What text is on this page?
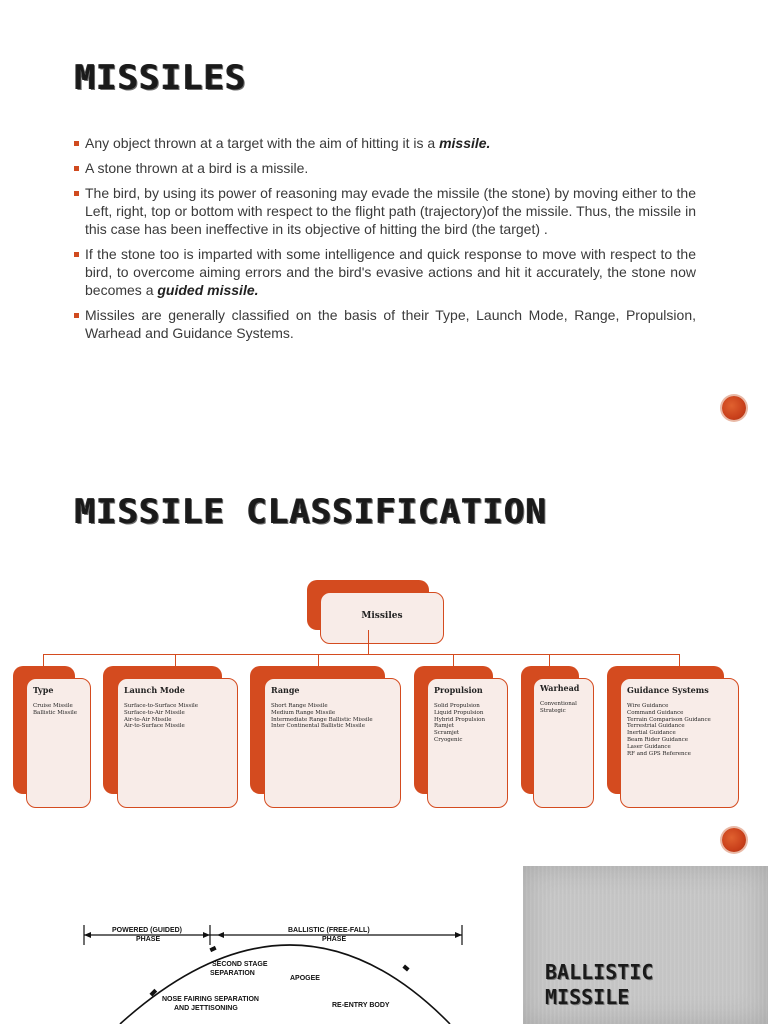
MISSILES
Any object thrown at a target with the aim of hitting it is a missile.
A stone thrown at a bird is a missile.
The bird, by using its power of reasoning may evade the missile (the stone) by moving either to the Left, right, top or bottom with respect to the flight path (trajectory)of the missile. Thus, the missile in this case has been ineffective in its objective of hitting the bird (the target) .
If the stone too is imparted with some intelligence and quick response to move with respect to the bird, to overcome aiming errors and the bird's evasive actions and hit it accurately, the stone now becomes a guided missile.
Missiles are generally classified on the basis of their Type, Launch Mode, Range, Propulsion, Warhead and Guidance Systems.
MISSILE CLASSIFICATION
Missiles
Type
Cruise Missile
Ballistic Missile
Launch Mode
Surface-to-Surface Missile
Surface-to-Air Missile
Air-to-Air Missile
Air-to-Surface Missile
Range
Short Range Missile
Medium Range Missile
Intermediate Range Ballistic Missile
Inter Continental Ballistic Missile
Propulsion
Solid Propulsion
Liquid Propulsion
Hybrid Propulsion
Ramjet
Scramjet
Cryogenic
Warhead
Conventional
Strategic
Guidance Systems
Wire Guidance
Command Guidance
Terrain Comparison Guidance
Terrestrial Guidance
Inertial Guidance
Beam Rider Guidance
Laser Guidance
RF and GPS Reference
POWERED (GUIDED)
PHASE
BALLISTIC (FREE-FALL)
PHASE
SECOND STAGE
SEPARATION
APOGEE
NOSE FAIRING SEPARATION
AND JETTISONING	RE-ENTRY BODY
BALLISTIC
MISSILE
